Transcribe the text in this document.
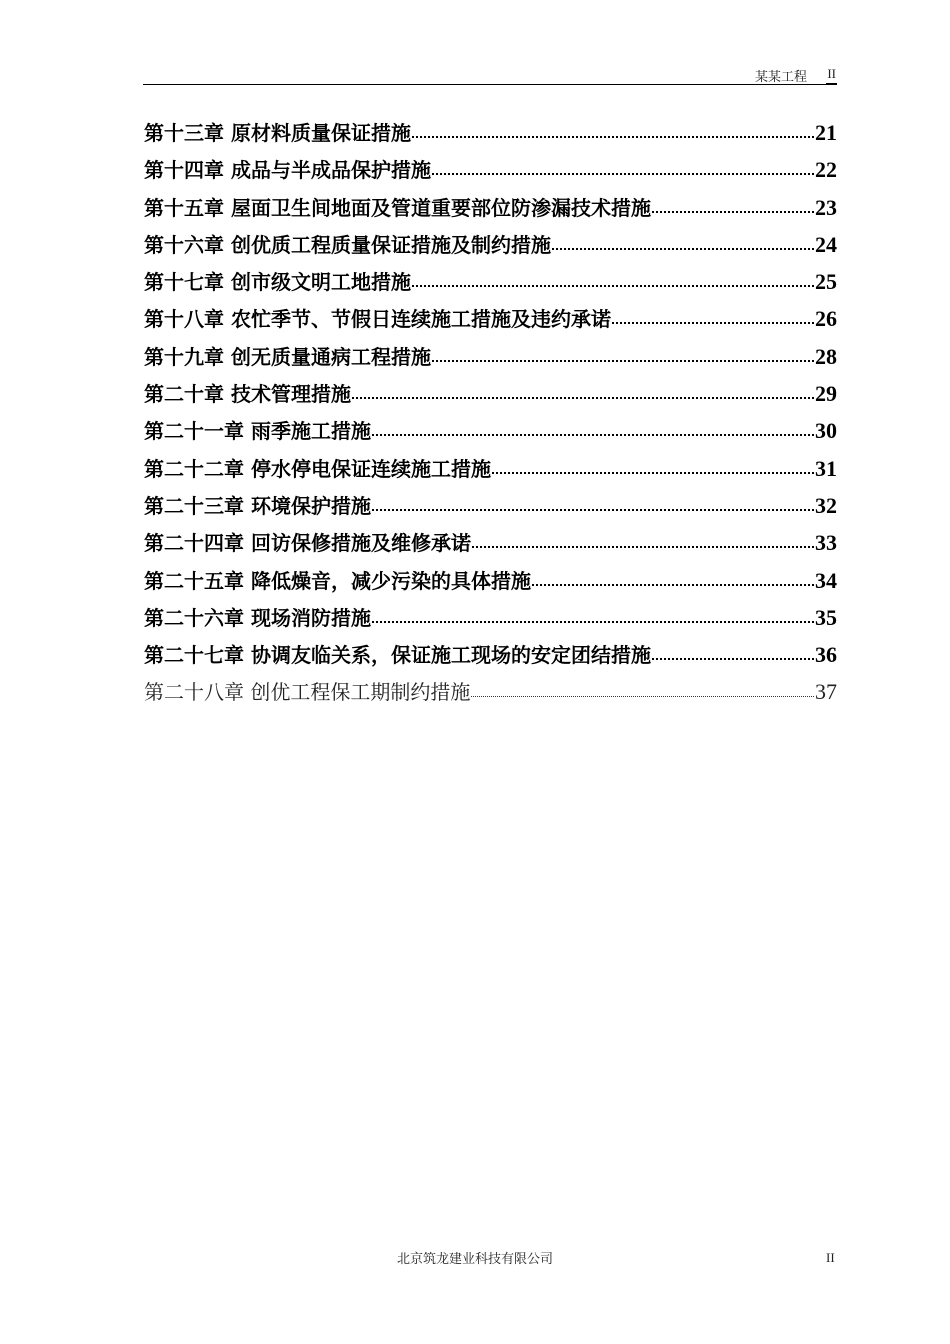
某某工程 II
第十三章 原材料质量保证措施	21
第十四章 成品与半成品保护措施	22
第十五章 屋面卫生间地面及管道重要部位防渗漏技术措施	23
第十六章 创优质工程质量保证措施及制约措施	24
第十七章 创市级文明工地措施	25
第十八章 农忙季节、节假日连续施工措施及违约承诺	26
第十九章 创无质量通病工程措施	28
第二十章 技术管理措施	29
第二十一章 雨季施工措施	30
第二十二章 停水停电保证连续施工措施	31
第二十三章 环境保护措施	32
第二十四章 回访保修措施及维修承诺	33
第二十五章 降低燥音，减少污染的具体措施	34
第二十六章 现场消防措施	35
第二十七章 协调友临关系，保证施工现场的安定团结措施	36
第二十八章 创优工程保工期制约措施	37
北京筑龙建业科技有限公司	II
